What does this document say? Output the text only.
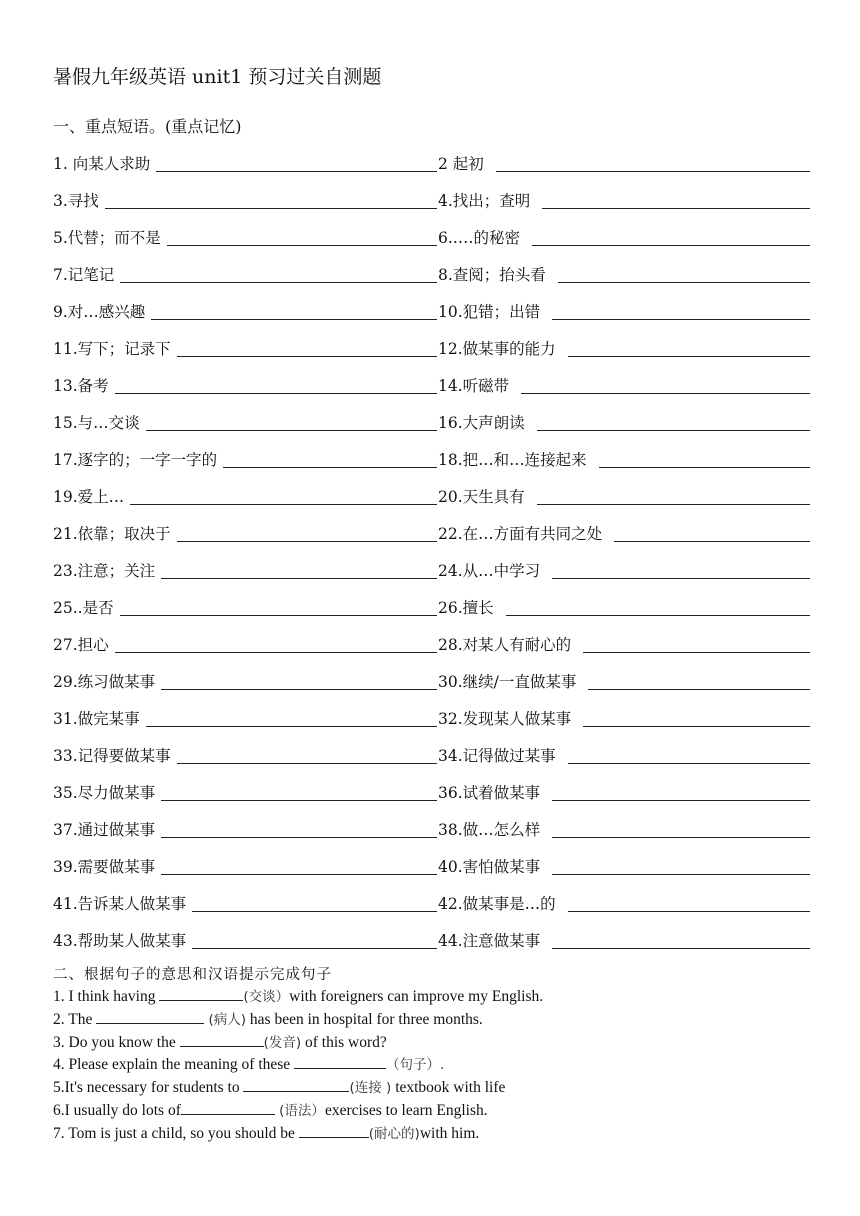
暑假九年级英语 unit1 预习过关自测题
一、重点短语。(重点记忆)
1. 向某人求助	2 起初
3.寻找	4.找出；查明
5.代替；而不是	6.‥‥的秘密
7.记笔记	8.查阅；抬头看
9.对…感兴趣	10.犯错；出错
11.写下；记录下	12.做某事的能力
13.备考	14.听磁带
15.与…交谈	16.大声朗读
17.逐字的；一字一字的	18.把…和…连接起来
19.爱上…	20.天生具有
21.依靠；取决于	22.在…方面有共同之处
23.注意；关注	24.从…中学习
25..是否	26.擅长
27.担心	28.对某人有耐心的
29.练习做某事	30.继续/一直做某事
31.做完某事	32.发现某人做某事
33.记得要做某事	34.记得做过某事
35.尽力做某事	36.试着做某事
37.通过做某事	38.做…怎么样
39.需要做某事	40.害怕做某事
41.告诉某人做某事	42.做某事是…的
43.帮助某人做某事	44.注意做某事
二、根据句子的意思和汉语提示完成句子
1. I think having	(交谈）with foreigners can improve my English.
2. The	(病人) has been in hospital for three months.
3. Do you know the	(发音) of this word?
4. Please explain the meaning of these	（句子）.
5.It's necessary for students to	(连接 ) textbook with life
6.I usually do lots of	(语法）exercises to learn English.
7. Tom is just a child, so you should be	(耐心的)with him.
